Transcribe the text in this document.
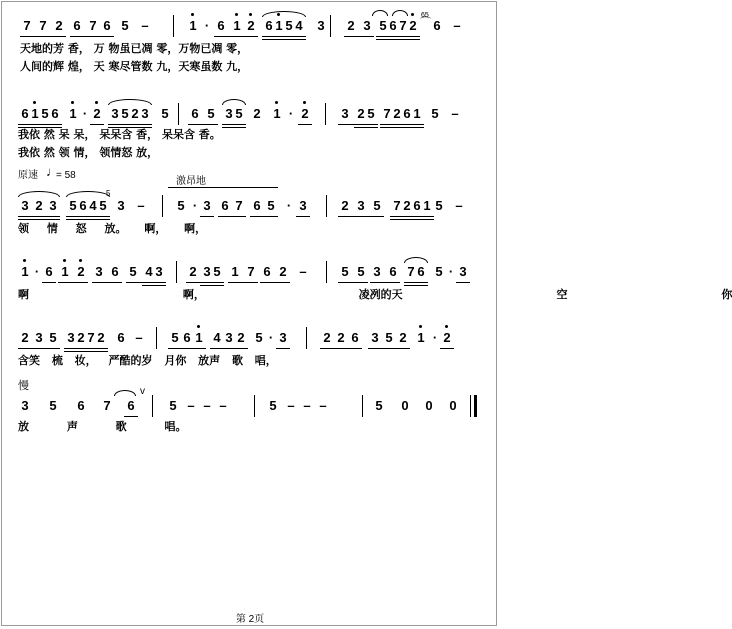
7 7 2 6 7 6 5 –	1 · 6 1 2 6 1 5 4 3 2 3 5 6 7 2
65
⌒ 6 –
天地的芳 香， 万 物虽已凋 零，万物已凋 零，
人间的辉 煌， 天 寒尽管数 九，天寒虽数 九，
6 1 5 6 1 · 2 3 5 2 3 5 6 5 3 5 2 1 · 2	3 2 5 7 2 6 1 5 –
我依 然 呆 呆， 呆呆含 香， 呆呆含 香。
我依 然 领 情， 领情怒 放，
原速 ♩
= 58
激昂地
3 2 3 5 6 4 5
5
3 –	5 · 3 6 7 6 5 · 3	2 3 5 7 2 6 1 5 –
领 情 怒 放。 啊， 啊，
1 · 6 1 2 3 6 5 4 3 2 3 5 1 7 6 2 –	5 5 3 6 7 6 5 · 3
啊 啊， 凌冽的天 空 你
2 3 5 3 2 7 2 6 – 5 6 1 4 3 2 5 · 3	2 2 6 3 5 2 1 · 2
含笑 梳 妆， 严酷的岁 月你 放声 歌 唱，
慢
3 5 6 7 6
v
5 – – –	5 – – –	5 0 0 0
放 声 歌 唱。
第 2页
